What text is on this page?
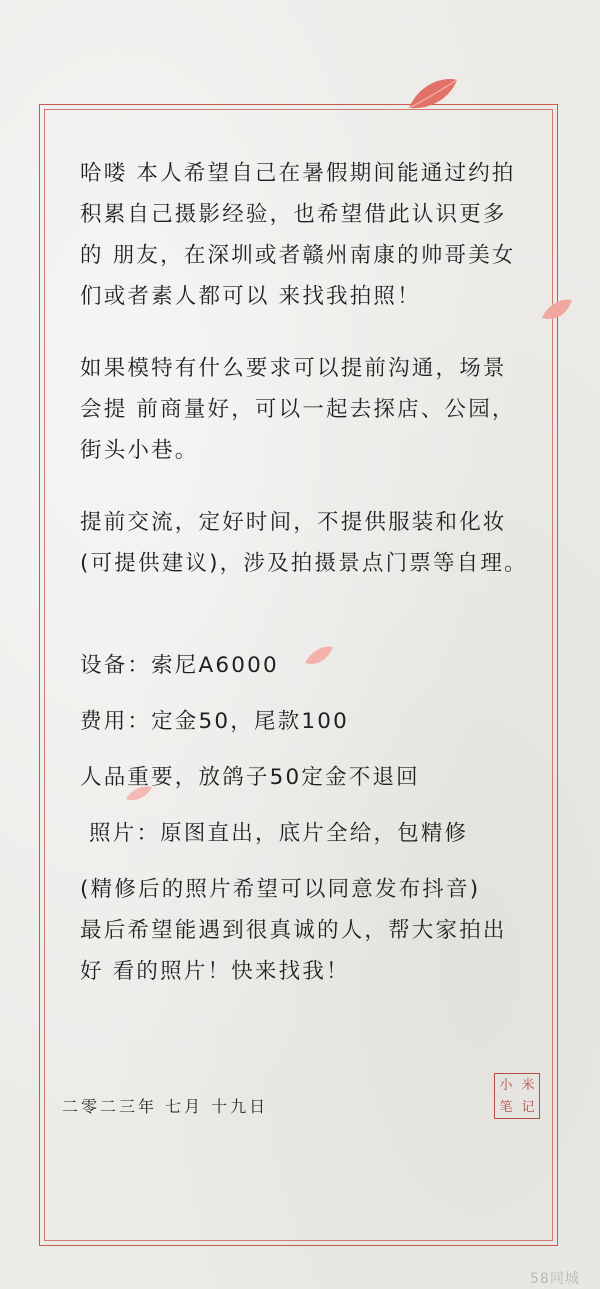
哈喽 本人希望自己在暑假期间能通过约拍 积累自己摄影经验，也希望借此认识更多的 朋友，在深圳或者赣州南康的帅哥美女们或者素人都可以 来找我拍照！

如果模特有什么要求可以提前沟通，场景会提 前商量好，可以一起去探店、公园，街头小巷。

提前交流，定好时间，不提供服装和化妆(可提供建议)，涉及拍摄景点门票等自理。

设备：索尼A6000

费用：定金50，尾款100

人品重要，放鸽子50定金不退回

照片：原图直出，底片全给，包精修

(精修后的照片希望可以同意发布抖音)

最后希望能遇到很真诚的人，帮大家拍出好 看的照片！快来找我！

二零二三年 七月 十九日
小 米
笔 记
58同城
